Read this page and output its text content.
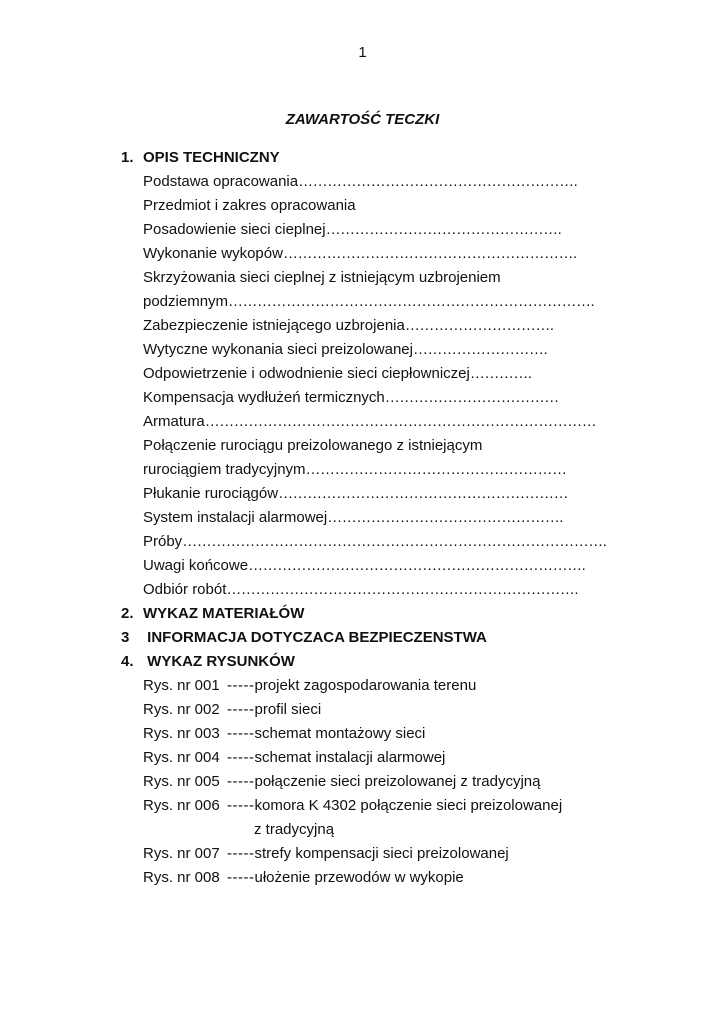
1
ZAWARTOŚĆ TECZKI
1. OPIS TECHNICZNY
Podstawa opracowania………………………………………………….
Przedmiot i zakres opracowania
Posadowienie sieci cieplnej………………………………………….
Wykonanie wykopów…………………………………………………….
Skrzyżowania sieci cieplnej z istniejącym uzbrojeniem
podziemnym………………………………………………………………….
Zabezpieczenie istniejącego uzbrojenia………………………….
Wytyczne wykonania sieci preizolowanej……………………….
Odpowietrzenie i odwodnienie sieci ciepłowniczej………….
Kompensacja wydłużeń termicznych………………………………
Armatura………………………………………………………………………
Połączenie rurociągu preizolowanego z istniejącym
rurociągiem tradycyjnym………………………………………………
Płukanie rurociągów……………………………………………………
System instalacji alarmowej………………………………………….
Próby…………………………………………………………………………….
Uwagi końcowe…………………………………………………………….
Odbiór robót……………………………………………………………….
2. WYKAZ MATERIAŁÓW
3 INFORMACJA DOTYCZACA BEZPIECZENSTWA
4. WYKAZ RYSUNKÓW
Rys. nr 001 -----projekt zagospodarowania terenu
Rys. nr 002 -----profil sieci
Rys. nr 003 -----schemat montażowy sieci
Rys. nr 004 -----schemat instalacji alarmowej
Rys. nr 005 -----połączenie sieci preizolowanej z tradycyjną
Rys. nr 006 -----komora K 4302 połączenie sieci preizolowanej
z tradycyjną
Rys. nr 007 -----strefy kompensacji sieci preizolowanej
Rys. nr 008 -----ułożenie przewodów w wykopie
